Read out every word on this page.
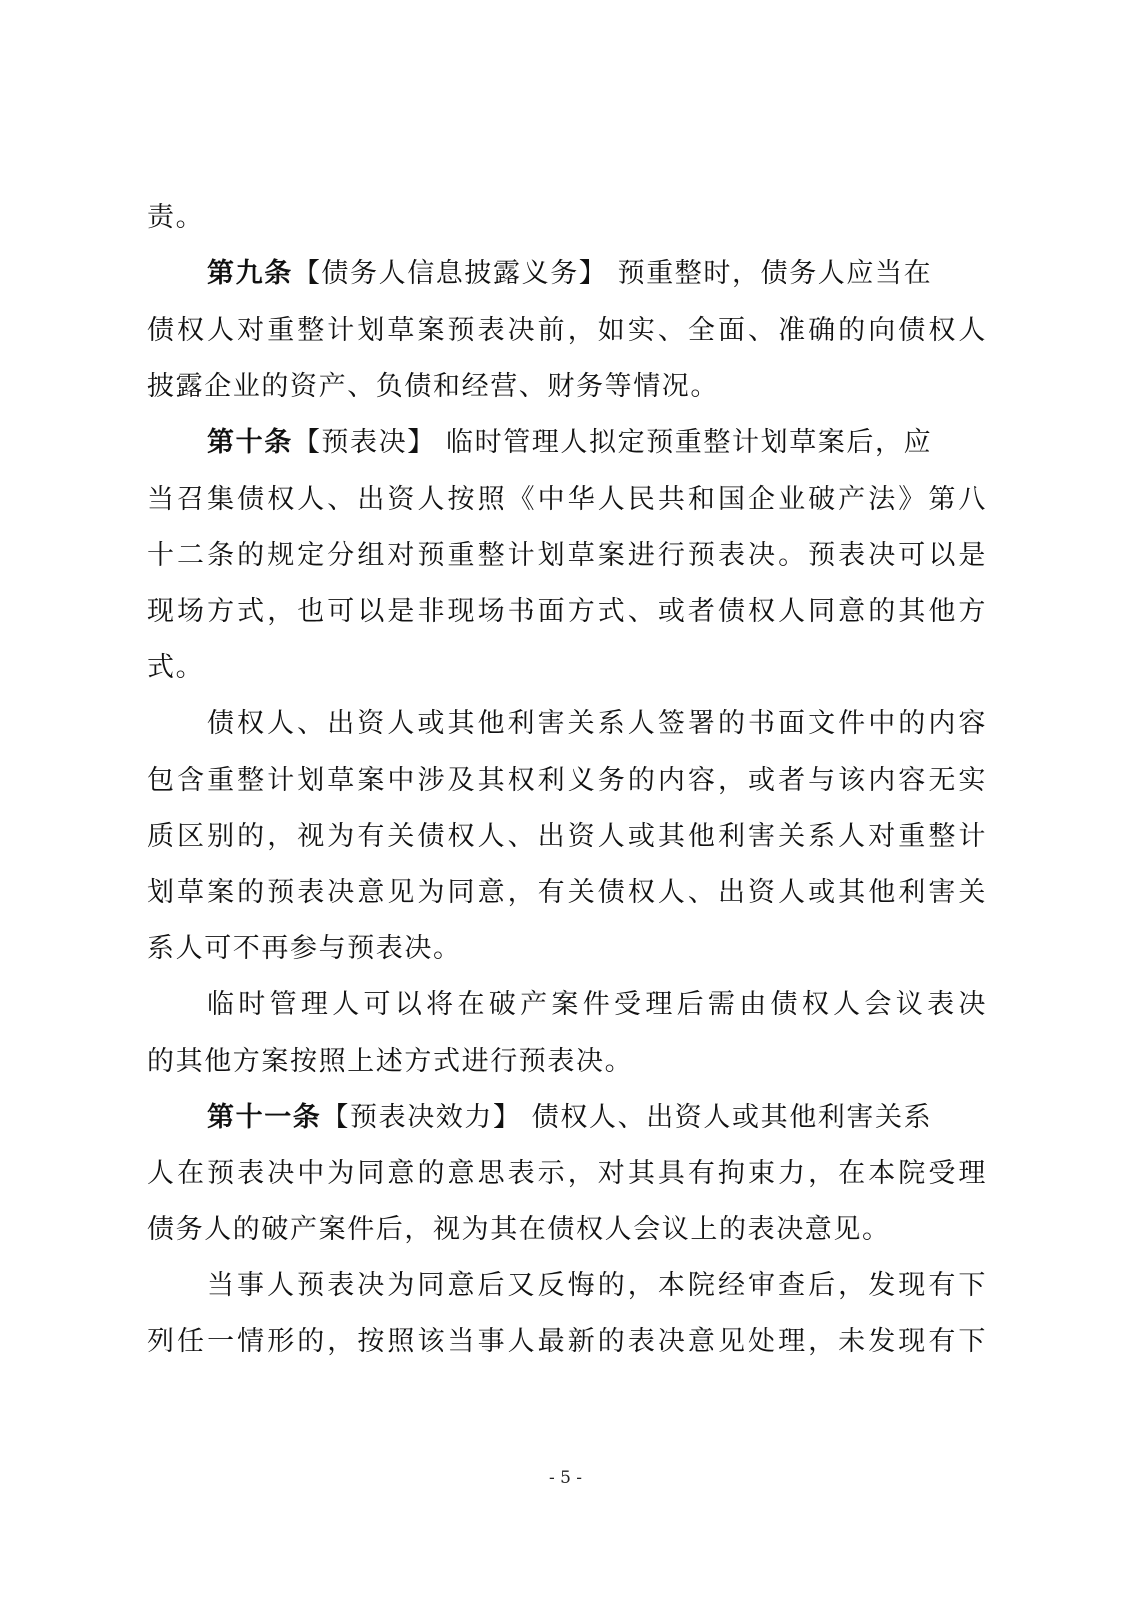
责。
第九条【债务人信息披露义务】 预重整时，债务人应当在
债权人对重整计划草案预表决前，如实、全面、准确的向债权人
披露企业的资产、负债和经营、财务等情况。
第十条【预表决】 临时管理人拟定预重整计划草案后，应
当召集债权人、出资人按照《中华人民共和国企业破产法》第八
十二条的规定分组对预重整计划草案进行预表决。预表决可以是
现场方式，也可以是非现场书面方式、或者债权人同意的其他方
式。
债权人、出资人或其他利害关系人签署的书面文件中的内容
包含重整计划草案中涉及其权利义务的内容，或者与该内容无实
质区别的，视为有关债权人、出资人或其他利害关系人对重整计
划草案的预表决意见为同意，有关债权人、出资人或其他利害关
系人可不再参与预表决。
临时管理人可以将在破产案件受理后需由债权人会议表决
的其他方案按照上述方式进行预表决。
第十一条【预表决效力】 债权人、出资人或其他利害关系
人在预表决中为同意的意思表示，对其具有拘束力，在本院受理
债务人的破产案件后，视为其在债权人会议上的表决意见。
当事人预表决为同意后又反悔的，本院经审查后，发现有下
列任一情形的，按照该当事人最新的表决意见处理，未发现有下
- 5 -
